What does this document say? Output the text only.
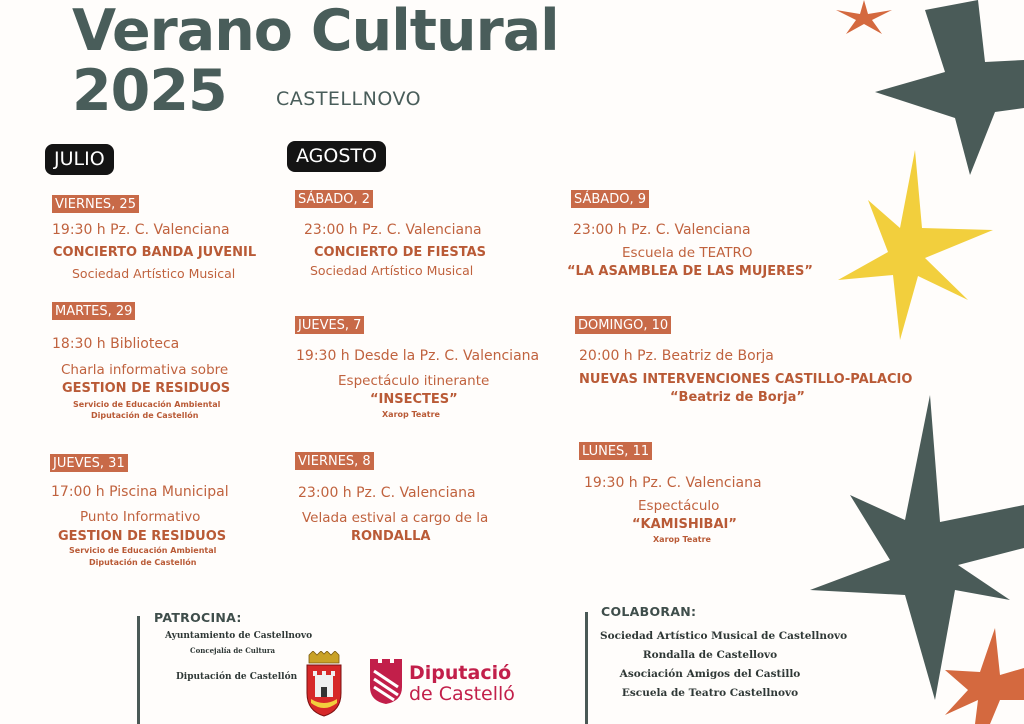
Verano Cultural
2025	CASTELLNOVO
JULIO	AGOSTO
VIERNES, 25
19:30 h Pz. C. Valenciana
CONCIERTO BANDA JUVENIL
Sociedad Artístico Musical
MARTES, 29
18:30 h Biblioteca
Charla informativa sobre
GESTION DE RESIDUOS
Servicio de Educación Ambiental
Diputación de Castellón
JUEVES, 31
17:00 h Piscina Municipal
Punto Informativo
GESTION DE RESIDUOS
Servicio de Educación Ambiental
Diputación de Castellón
SÁBADO, 2
23:00 h Pz. C. Valenciana
CONCIERTO DE FIESTAS
Sociedad Artístico Musical
JUEVES, 7
19:30 h Desde la Pz. C. Valenciana
Espectáculo itinerante
“INSECTES”
Xarop Teatre
VIERNES, 8
23:00 h Pz. C. Valenciana
Velada estival a cargo de la
RONDALLA
SÁBADO, 9
23:00 h Pz. C. Valenciana
Escuela de TEATRO
“LA ASAMBLEA DE LAS MUJERES”
DOMINGO, 10
20:00 h Pz. Beatriz de Borja
NUEVAS INTERVENCIONES CASTILLO-PALACIO
“Beatriz de Borja”
LUNES, 11
19:30 h Pz. C. Valenciana
Espectáculo
“KAMISHIBAI”
Xarop Teatre
PATROCINA:
Ayuntamiento de Castellnovo
Concejalía de Cultura
Diputación de Castellón	Diputació
de Castelló
COLABORAN:
Sociedad Artístico Musical de Castellnovo
Rondalla de Castellovo
Asociación Amigos del Castillo
Escuela de Teatro Castellnovo
